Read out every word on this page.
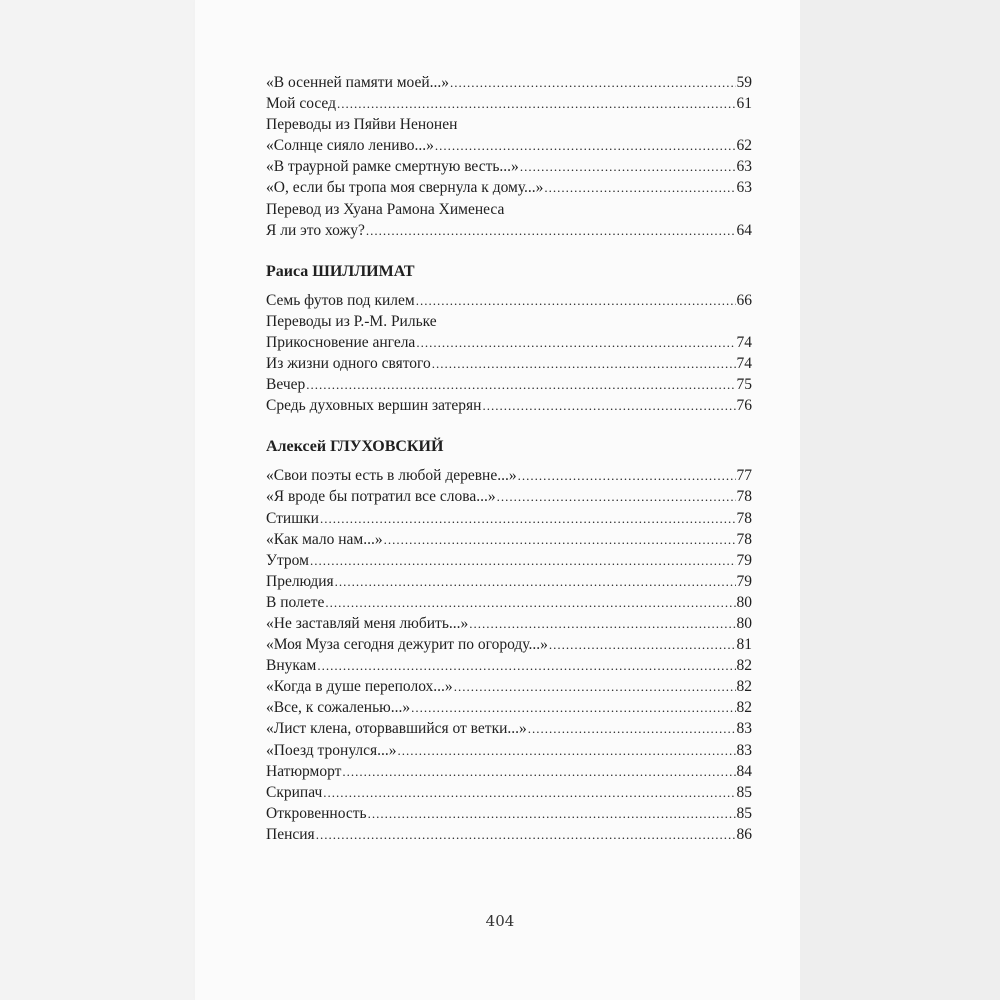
«В осенней памяти моей...» .....	59
Мой сосед .....	61
Переводы из Пяйви Ненонен
«Солнце сияло лениво...» .....	62
«В траурной рамке смертную весть...» .....	63
«О, если бы тропа моя свернула к дому...» .....	63
Перевод из Хуана Рамона Хименеса
Я ли это хожу? .....	64
Раиса ШИЛЛИМАТ
Семь футов под килем .....	66
Переводы из Р.-М. Рильке
Прикосновение ангела .....	74
Из жизни одного святого .....	74
Вечер .....	75
Средь духовных вершин затерян .....	76
Алексей ГЛУХОВСКИЙ
«Свои поэты есть в любой деревне...» .....	77
«Я вроде бы потратил все слова...» .....	78
Стишки .....	78
«Как мало нам...» .....	78
Утром .....	79
Прелюдия .....	79
В полете .....	80
«Не заставляй меня любить...» .....	80
«Моя Муза сегодня дежурит по огороду...» .....	81
Внукам .....	82
«Когда в душе переполох...» .....	82
«Все, к сожаленью...» .....	82
«Лист клена, оторвавшийся от ветки...» .....	83
«Поезд тронулся...» .....	83
Натюрморт .....	84
Скрипач .....	85
Откровенность .....	85
Пенсия .....	86
404
